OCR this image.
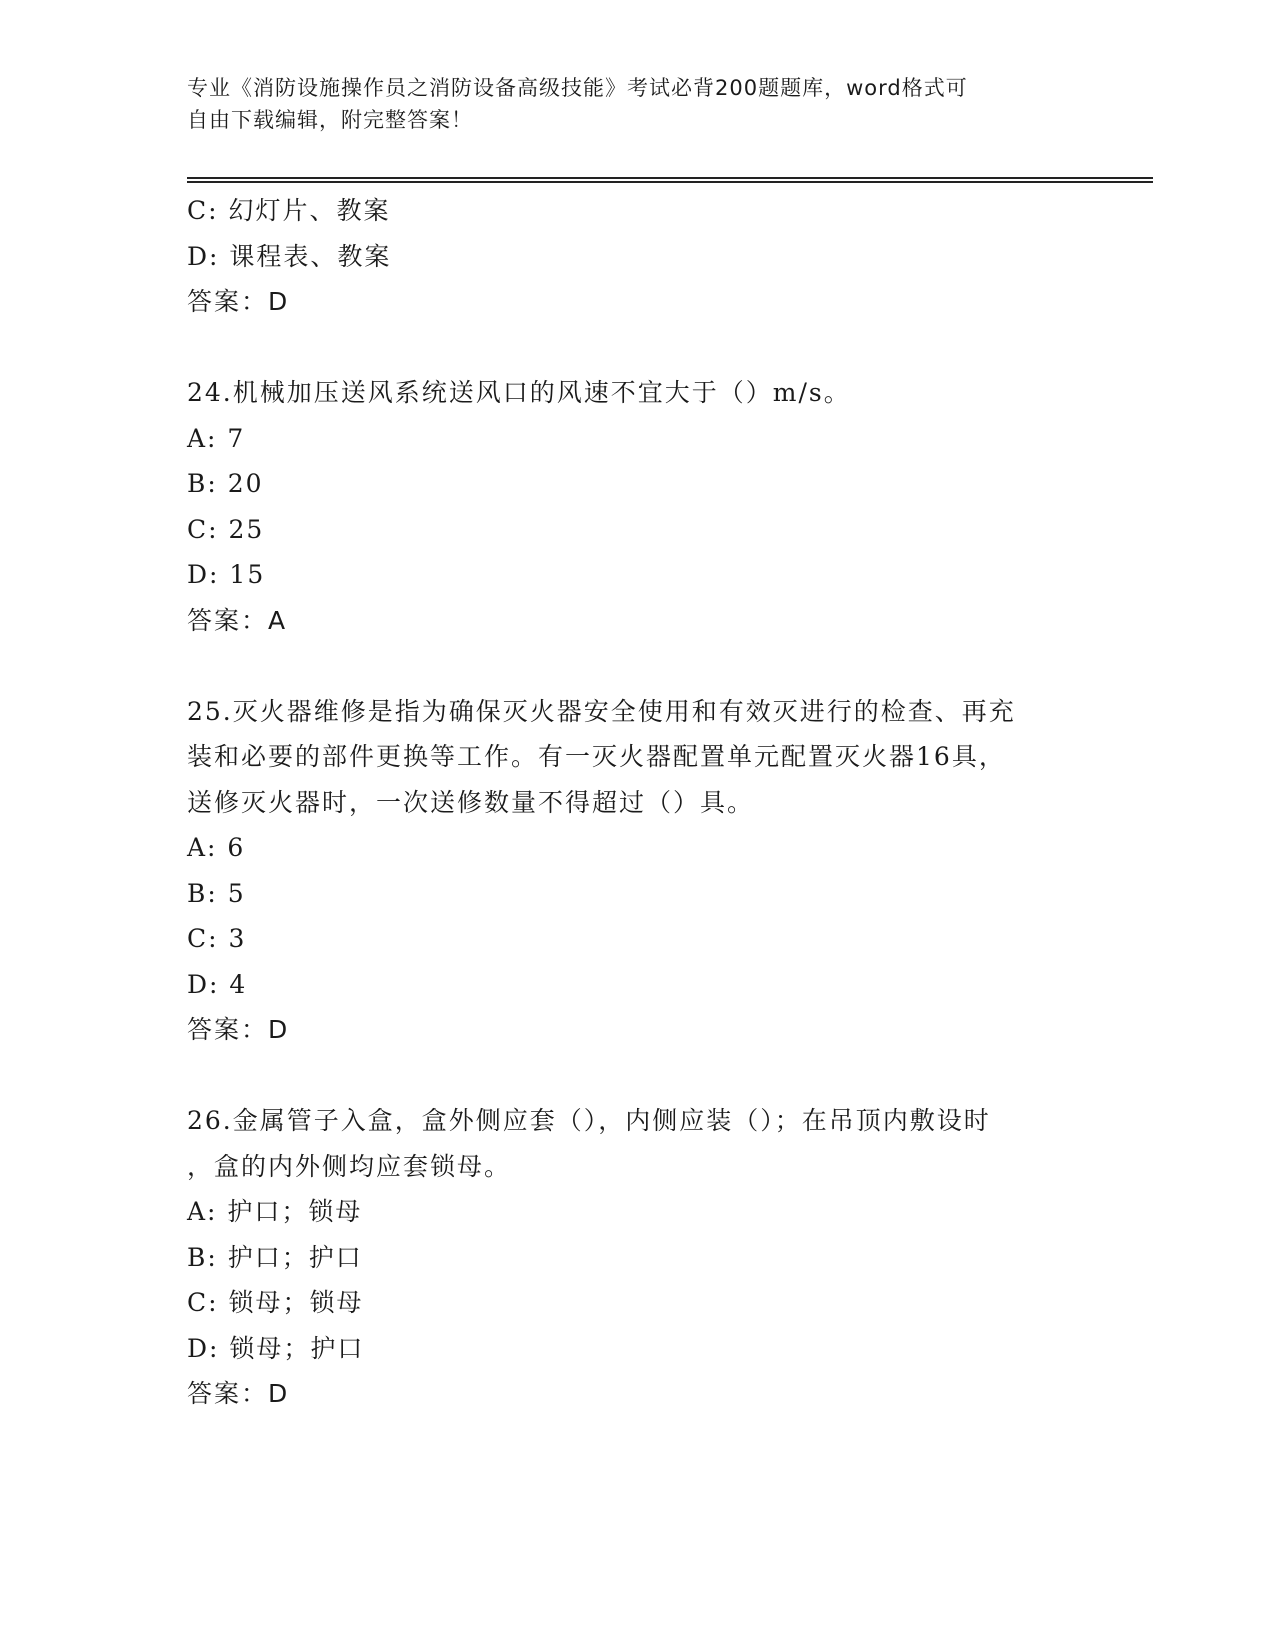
专业《消防设施操作员之消防设备高级技能》考试必背200题题库，word格式可
自由下载编辑，附完整答案！
C: 幻灯片、教案
D: 课程表、教案
答案：D
24.机械加压送风系统送风口的风速不宜大于（）m/s。
A: 7
B: 20
C: 25
D: 15
答案：A
25.灭火器维修是指为确保灭火器安全使用和有效灭进行的检查、再充
装和必要的部件更换等工作。有一灭火器配置单元配置灭火器16具，
送修灭火器时，一次送修数量不得超过（）具。
A: 6
B: 5
C: 3
D: 4
答案：D
26.金属管子入盒，盒外侧应套（），内侧应装（）；在吊顶内敷设时
，盒的内外侧均应套锁母。
A: 护口；锁母
B: 护口；护口
C: 锁母；锁母
D: 锁母；护口
答案：D
